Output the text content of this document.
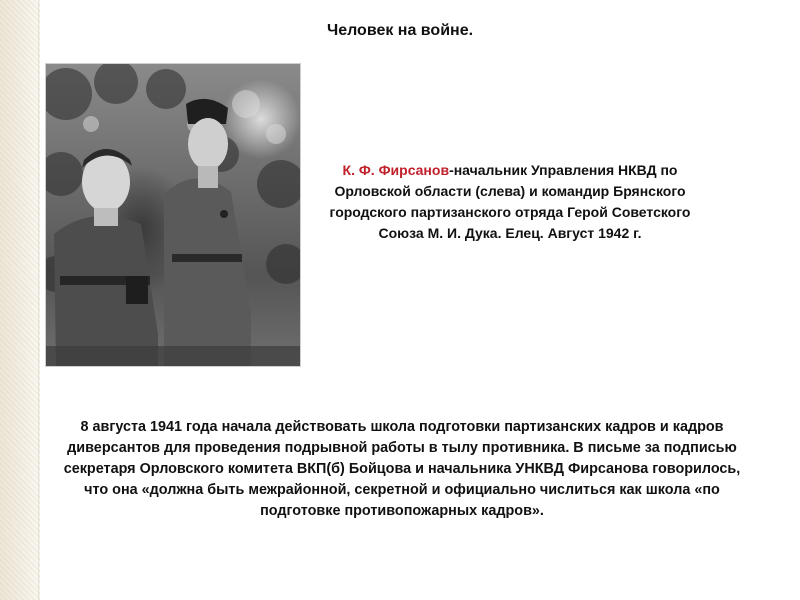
Человек на войне.
К. Ф. Фирсанов-начальник Управления НКВД по Орловской области (слева) и командир Брянского городского партизанского отряда Герой Советского Союза М. И. Дука. Елец. Август 1942 г.
8 августа 1941 года начала действовать школа подготовки партизанских кадров и кадров диверсантов для проведения подрывной работы в тылу противника. В письме за подписью секретаря Орловского комитета ВКП(б) Бойцова и начальника УНКВД Фирсанова говорилось, что она «должна быть межрайонной, секретной и официально числиться как школа «по подготовке противопожарных кадров».
